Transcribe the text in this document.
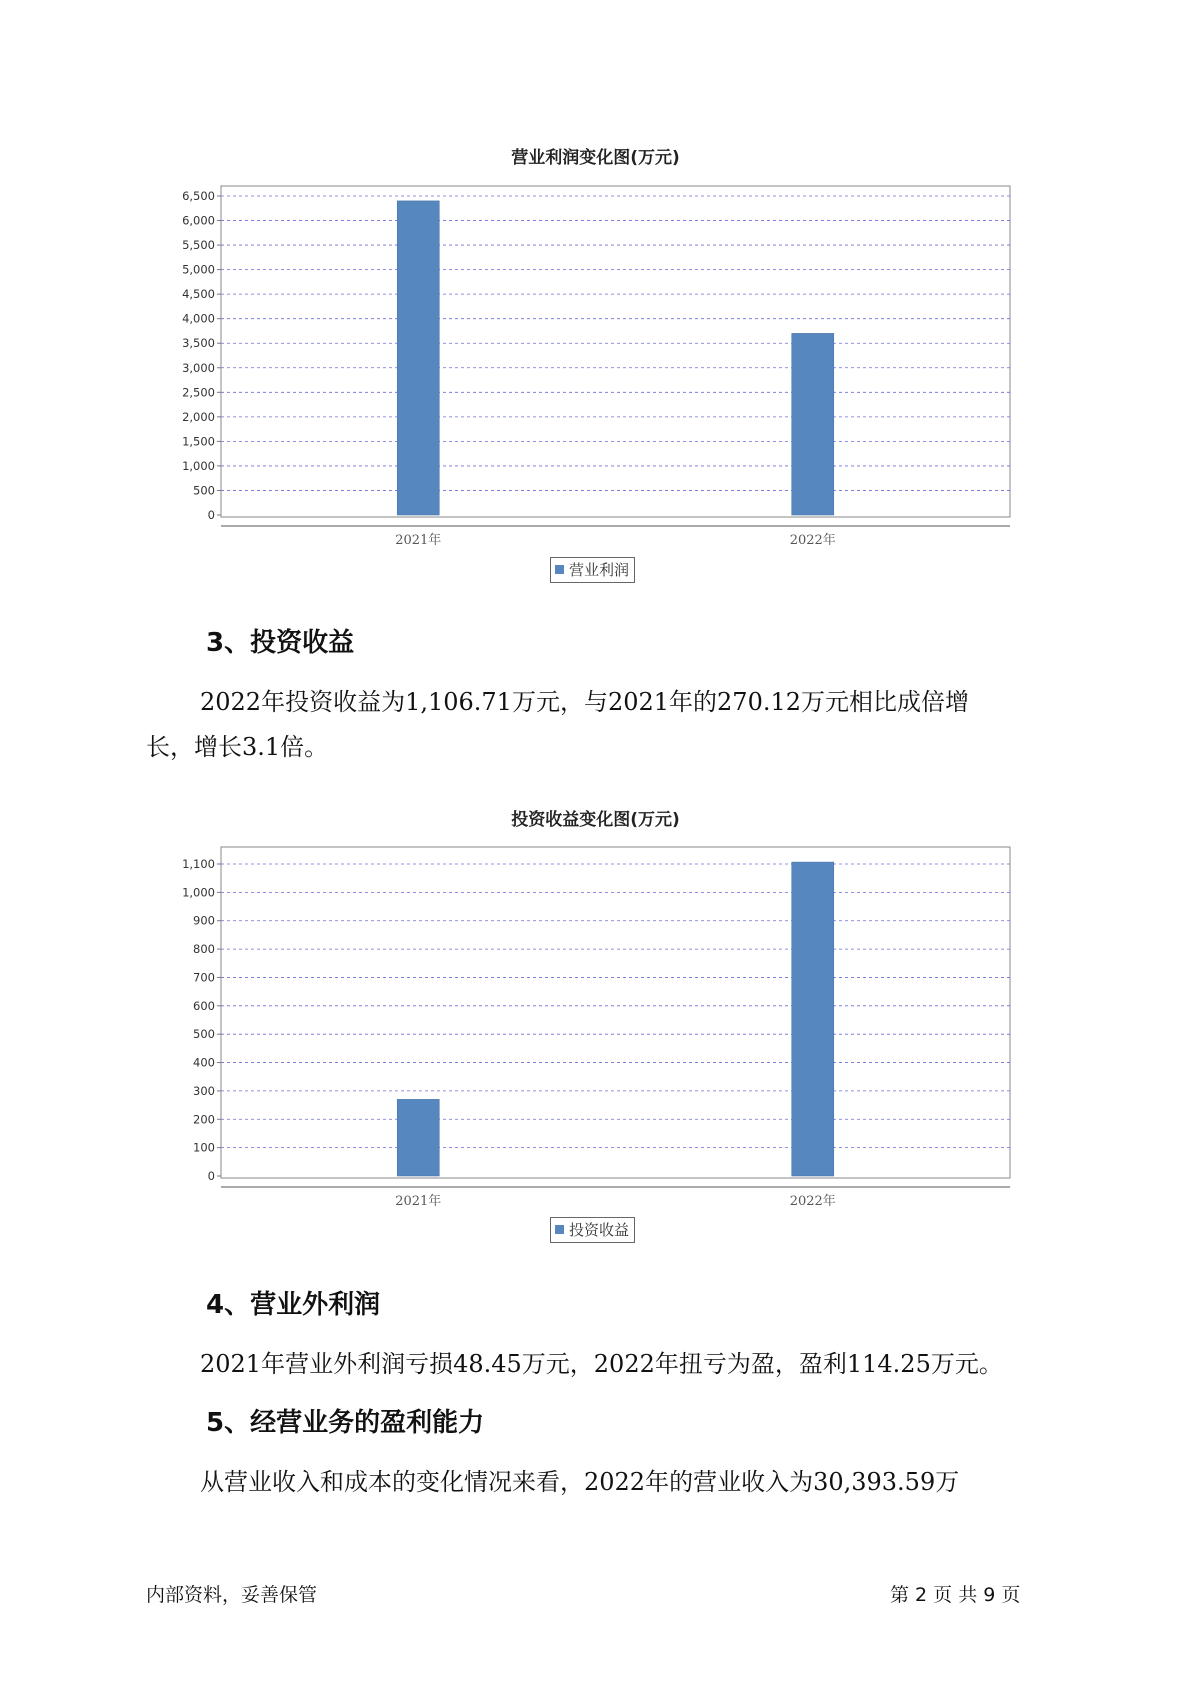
营业利润变化图(万元)
0
500
1,000
1,500
2,000
2,500
3,000
3,500
4,000
4,500
5,000
5,500
6,000
6,500
2021年	2022年
营业利润
3、投资收益
2022年投资收益为1,106.71万元，与2021年的270.12万元相比成倍增
长，增长3.1倍。
投资收益变化图(万元)
0
100
200
300
400
500
600
700
800
900
1,000
1,100
2021年	2022年
投资收益
4、营业外利润
2021年营业外利润亏损48.45万元，2022年扭亏为盈，盈利114.25万元。
5、经营业务的盈利能力
从营业收入和成本的变化情况来看，2022年的营业收入为30,393.59万
内部资料，妥善保管	第 2 页 共 9 页
